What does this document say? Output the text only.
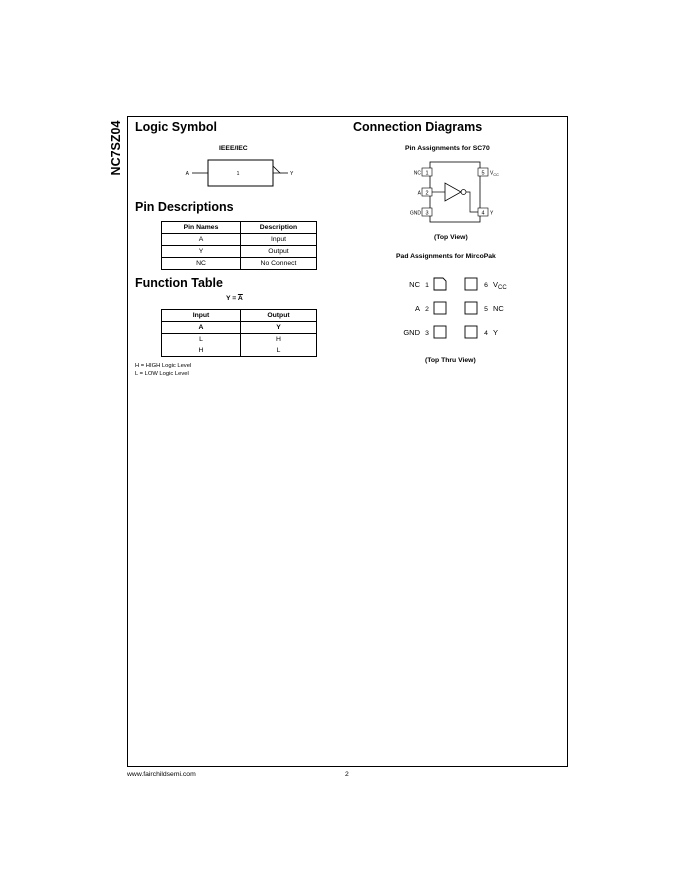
NC7SZ04 Logic Symbol
IEEE/IEC
A	1	Y
Pin Descriptions
Pin Names	Description
A	Input
Y	Output
NC	No Connect
Function Table
$Y = \overline{A}$
Input	Output
A	Y
L	H
H	L
H = HIGH Logic Level
L = LOW Logic Level
Connection Diagrams
Pin Assignments for SC70
NC 1
A 2
GND 3
5 $V_{CC}$
4 Y
(Top View)
Pad Assignments for MircoPak
NC 1
A 2
GND 3
6 $V_{CC}$
5 NC
4 Y
(Top Thru View)
www.fairchildsemi.com	2
